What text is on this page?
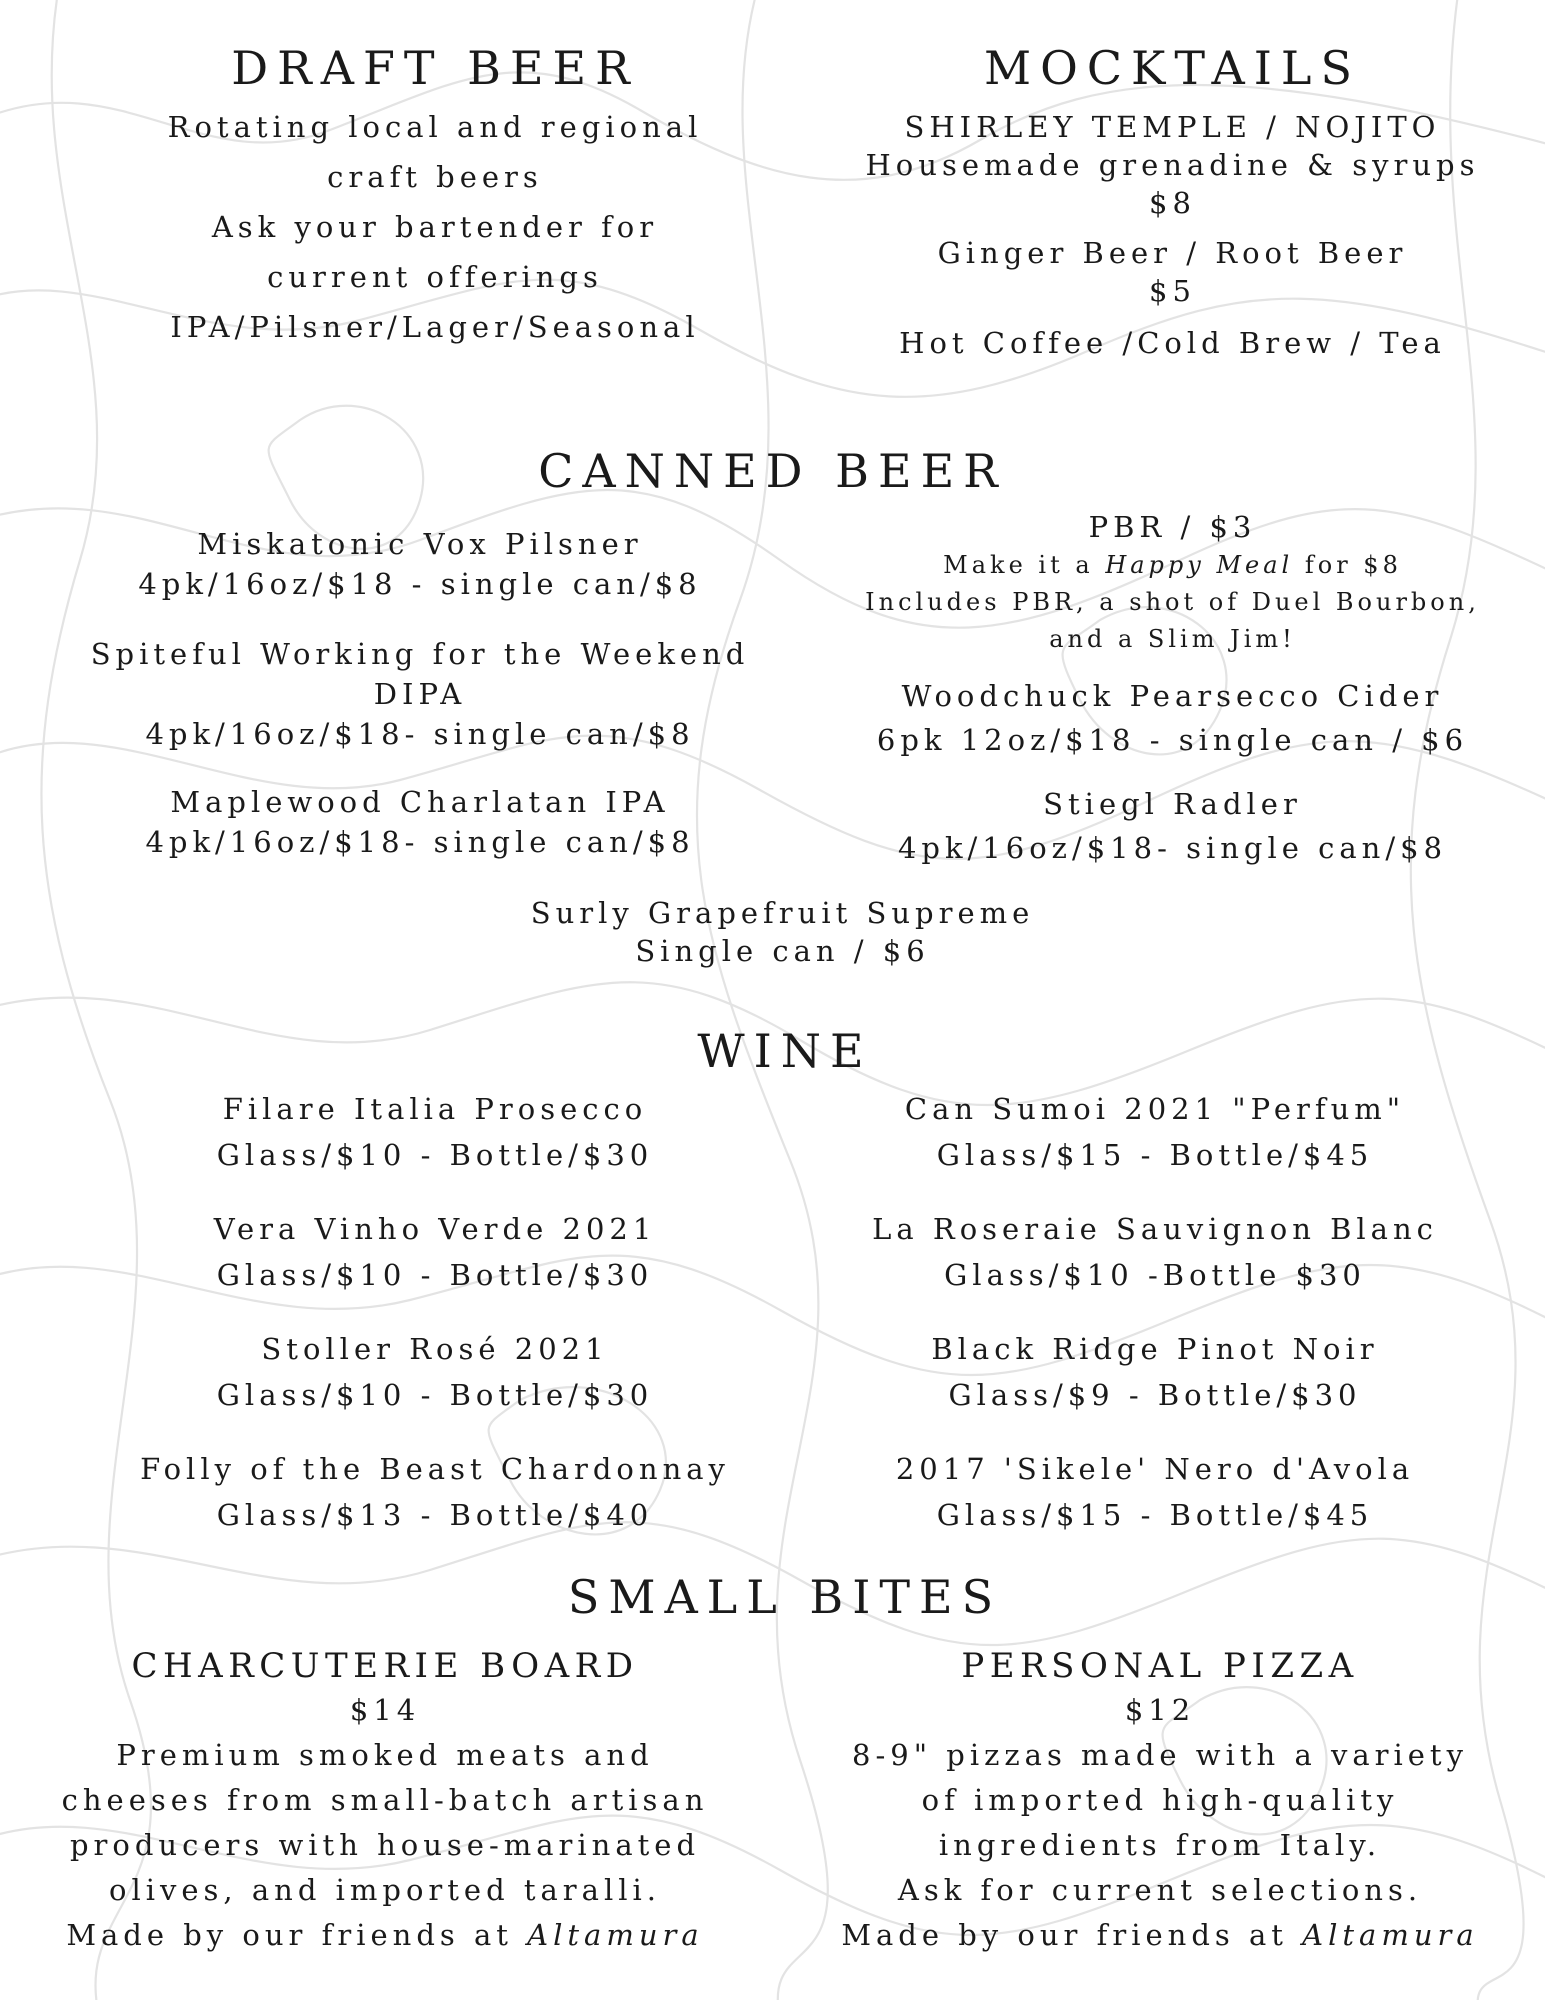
DRAFT BEER
Rotating local and regional
craft beers
Ask your bartender for
current offerings
IPA/Pilsner/Lager/Seasonal
MOCKTAILS
SHIRLEY TEMPLE / NOJITO
Housemade grenadine & syrups
$8
Ginger Beer / Root Beer
$5
Hot Coffee /Cold Brew / Tea
CANNED BEER
Miskatonic Vox Pilsner
4pk/16oz/$18 - single can/$8
Spiteful Working for the Weekend
DIPA
4pk/16oz/$18- single can/$8
Maplewood Charlatan IPA
4pk/16oz/$18- single can/$8
PBR / $3
Make it a Happy Meal for $8
Includes PBR, a shot of Duel Bourbon,
and a Slim Jim!
Woodchuck Pearsecco Cider
6pk 12oz/$18 - single can / $6
Stiegl Radler
4pk/16oz/$18- single can/$8
Surly Grapefruit Supreme
Single can / $6
WINE
Filare Italia Prosecco
Glass/$10 - Bottle/$30
Vera Vinho Verde 2021
Glass/$10 - Bottle/$30
Stoller Rosé 2021
Glass/$10 - Bottle/$30
Folly of the Beast Chardonnay
Glass/$13 - Bottle/$40
Can Sumoi 2021 "Perfum"
Glass/$15 - Bottle/$45
La Roseraie Sauvignon Blanc
Glass/$10 -Bottle $30
Black Ridge Pinot Noir
Glass/$9 - Bottle/$30
2017 'Sikele' Nero d'Avola
Glass/$15 - Bottle/$45
SMALL BITES
CHARCUTERIE BOARD
$14
Premium smoked meats and
cheeses from small-batch artisan
producers with house-marinated
olives, and imported taralli.
Made by our friends at Altamura
PERSONAL PIZZA
$12
8-9" pizzas made with a variety
of imported high-quality
ingredients from Italy.
Ask for current selections.
Made by our friends at Altamura
